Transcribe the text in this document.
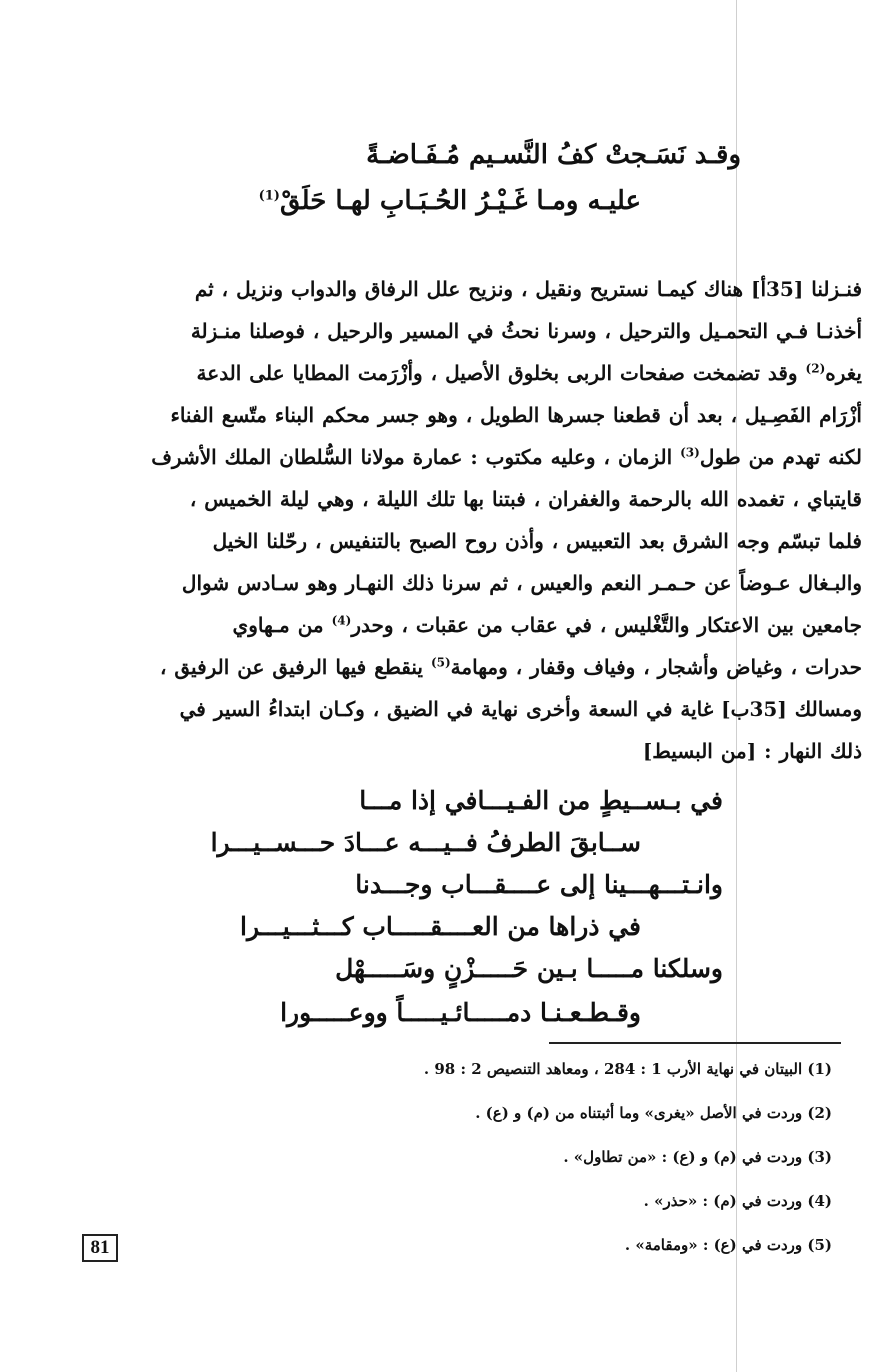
وقـد نَسَـجتْ كفُ النَّسـيم مُـفَـاضـةً
عليـه ومـا غَـيْـرُ الحُـبَـابِ لهـا حَلَقْ$^{(1)}$

فنـزلنا [35أ] هناك كيمـا نستريح ونقيل ، ونزيح علل الرفاق والدواب ونزيل ، ثم

أخذنـا فـي التحمـيل والترحيل ، وسرنا نحثُ في المسير والرحيل ، فوصلنا منـزلة

يغره$^{(2)}$ وقد تضمخت صفحات الربى بخلوق الأصيل ، وأزْرَمت المطايا على الدعة

أزْرَام الفَصِـيل ، بعد أن قطعنا جسرها الطويل ، وهو جسر محكم البناء متّسع الفناء

لكنه تهدم من طول$^{(3)}$ الزمان ، وعليه مكتوب : عمارة مولانا السُّلطان الملك الأشرف

قايتباي ، تغمده الله بالرحمة والغفران ، فبتنا بها تلك الليلة ، وهي ليلة الخميس ،

فلما تبسّم وجه الشرق بعد التعبيس ، وأذن روح الصبح بالتنفيس ، رحّلنا الخيل

والبـغال عـوضاً عن حـمـر النعم والعيس ، ثم سرنا ذلك النهـار وهو سـادس شوال

جامعين بين الاعتكار والتَّغْليس ، في عقاب من عقبات ، وحدر$^{(4)}$ من مـهاوي

حدرات ، وغياض وأشجار ، وفياف وقفار ، ومهامة$^{(5)}$ ينقطع فيها الرفيق عن الرفيق ،

ومسالك [35ب] غاية في السعة وأخرى نهاية في الضيق ، وكـان ابتداءُ السير في

ذلك النهار : [من البسيط]

في بـســيطٍ من الفـيـــافي إذا مـــا
ســابقَ الطرفُ فــيـــه عـــادَ حـــســيـــرا
وانـتـــهـــينا إلى عــــقـــاب وجـــدنا
في ذراها من العــــقـــــاب كـــثـــيـــرا
وسلكنا مـــــا بـين حَـــــزْنٍ وسَـــــهْل
وقـطـعـنـا دمـــــائـيـــــاً ووعـــــورا
(1) البيتان في نهاية الأرب 1 : 284 ، ومعاهد التنصيص 2 : 98 .
(2) وردت في الأصل «يغرى» وما أثبتناه من (م) و (ع) .
(3) وردت في (م) و (ع) : «من تطاول» .
(4) وردت في (م) : «حذر» .
(5) وردت في (ع) : «ومقامة» .
81
